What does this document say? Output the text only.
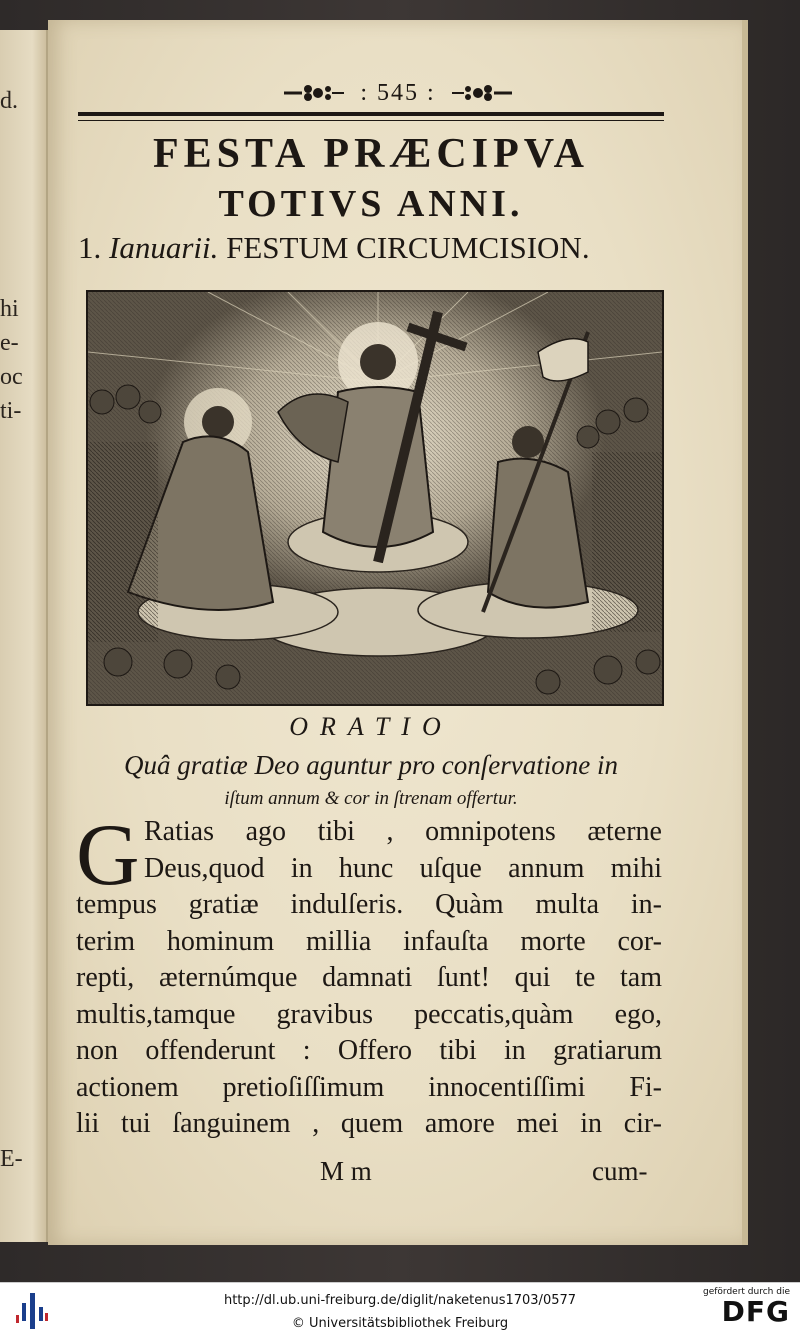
d.
hi
e-
oc
ti-
E-
: 545 :
FESTA PRÆCIPVA
TOTIVS ANNI.
1. Ianuarii. FESTUM CIRCUMCISION.
ORATIO
Quâ gratiæ Deo aguntur pro conſervatione in
iſtum annum & cor in ſtrenam offertur.
G Ratias ago tibi , omnipotens æterne
Deus,quod in hunc uſque annum mihi
tempus gratiæ indulſeris. Quàm multa in-
terim hominum millia infauſta morte cor-
repti, æternúmque damnati ſunt! qui te tam
multis,tamque gravibus peccatis,quàm ego,
non offenderunt : Offero tibi in gratiarum
actionem pretioſiſſimum innocentiſſimi Fi-
lii tui ſanguinem , quem amore mei in cir-
M m	cum-
http://dl.ub.uni-freiburg.de/diglit/naketenus1703/0577
© Universitätsbibliothek Freiburg
gefördert durch die
DFG
